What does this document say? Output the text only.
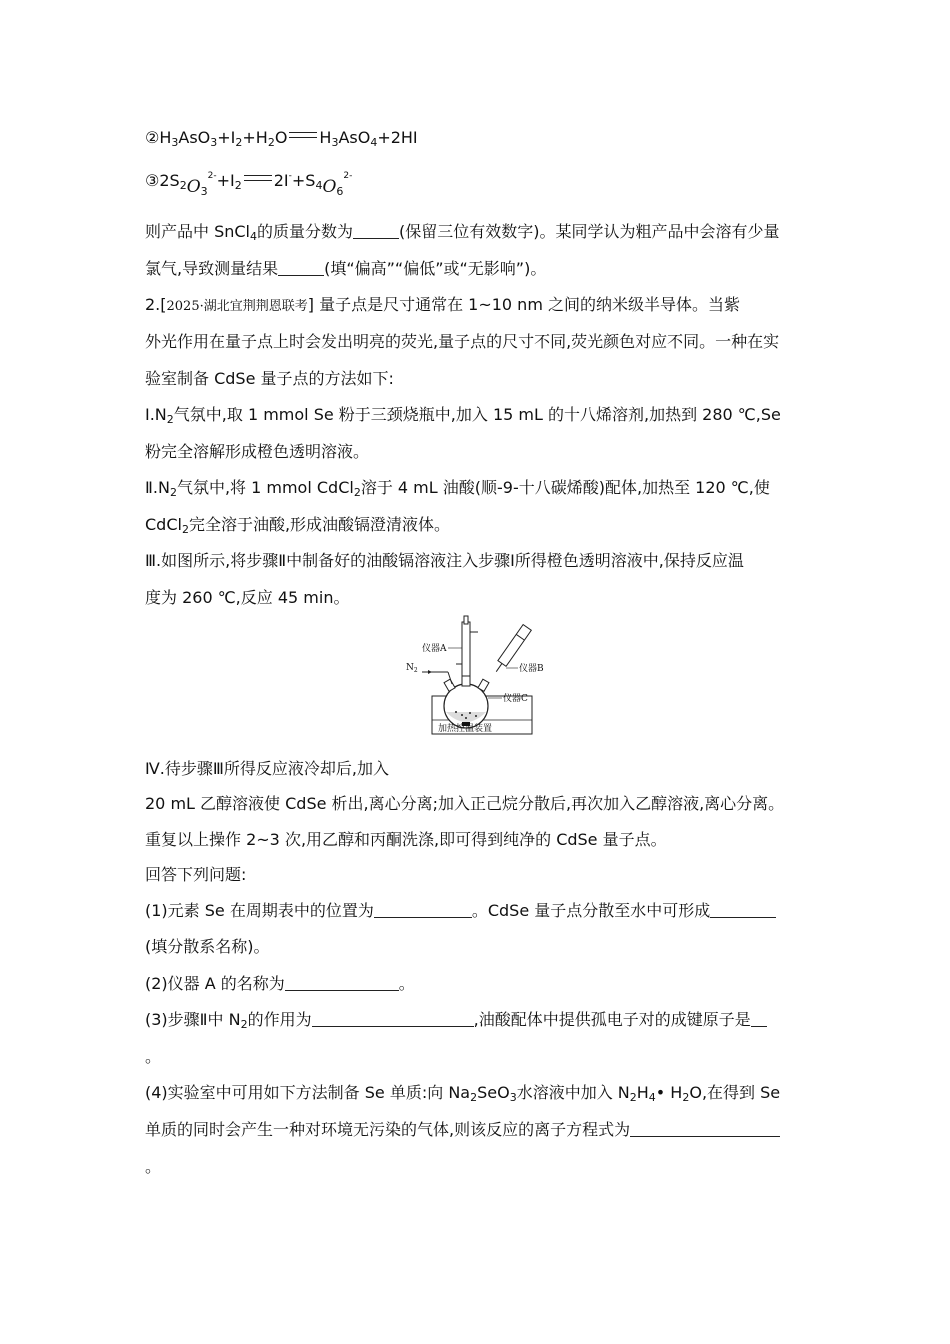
$②H_3AsO_3+I_2+H_2O$ $H_3AsO_4+2HI$
$③2S_2O_3^{2-}+I_2$ $2I^-+S_4O_6^{2-}$
则产品中 SnCl$_4$的质量分数为	(保留三位有效数字)。某同学认为粗产品中会溶有少量
氯气,导致测量结果	(填“偏高”“偏低”或“无影响”)。
2.[2025·湖北宜荆荆恩联考] 量子点是尺寸通常在 1~10 nm 之间的纳米级半导体。当紫
外光作用在量子点上时会发出明亮的荧光,量子点的尺寸不同,荧光颜色对应不同。一种在实
验室制备 CdSe 量子点的方法如下:
$Ⅰ.N_2$气氛中,取 1 mmol Se 粉于三颈烧瓶中,加入 15 mL 的十八烯溶剂,加热到 280 ℃,Se
粉完全溶解形成橙色透明溶液。
$Ⅱ.N_2$气氛中,将 1 mmol CdCl$_2$溶于 4 mL 油酸(顺-9-十八碳烯酸)配体,加热至 120 ℃,使
CdCl$_2$完全溶于油酸,形成油酸镉澄清液体。
Ⅲ.如图所示,将步骤Ⅱ中制备好的油酸镉溶液注入步骤Ⅰ所得橙色透明溶液中,保持反应温
度为 260 ℃,反应 45 min。
$N_2$
仪器A
仪器B
仪器C
加热控温装置
Ⅳ.待步骤Ⅲ所得反应液冷却后,加入
20 mL 乙醇溶液使 CdSe 析出,离心分离;加入正己烷分散后,再次加入乙醇溶液,离心分离。
重复以上操作 2~3 次,用乙醇和丙酮洗涤,即可得到纯净的 CdSe 量子点。
回答下列问题:
(1)元素 Se 在周期表中的位置为	。CdSe 量子点分散至水中可形成
(填分散系名称)。
(2)仪器 A 的名称为	。
(3)步骤Ⅱ中 $N_2$的作用为	,油酸配体中提供孤电子对的成键原子是
。
(4)实验室中可用如下方法制备 Se 单质:向 $Na_2SeO_3$水溶液中加入 $N_2H_4•$ $H_2O$,在得到 Se
单质的同时会产生一种对环境无污染的气体,则该反应的离子方程式为
。
